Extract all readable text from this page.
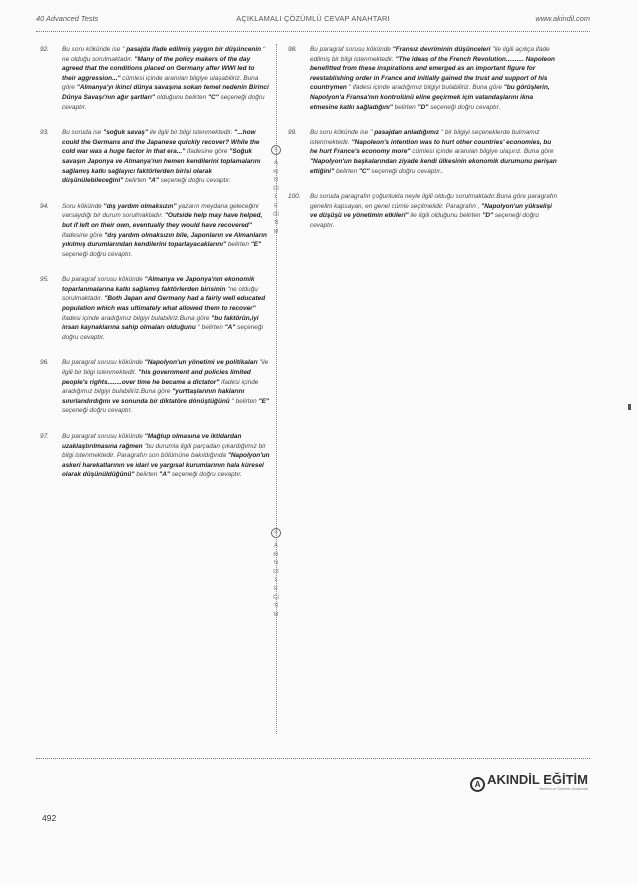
40 Advanced Tests	AÇIKLAMALI ÇÖZÜMLÜ CEVAP ANAHTARI	www.akindil.com
92. Bu soru kökünde ise " pasajda ifade edilmiş yaygın bir düşüncenin " ne olduğu sorulmaktadır. "Many of the policy makers of the day agreed that the conditions placed on Germany after WWI led to their aggression..." cümlesi içinde aranılan bilgiye ulaşabiliriz. Buna göre "Almanya'yı ikinci dünya savaşına sokan temel nedenin Birinci Dünya Savaşı'nın ağır şartları" olduğunu belirten "C" seçeneği doğru cevaptır.
93. Bu soruda ise "soğuk savaş" ile ilgili bir bilgi istenmektedir. "...how could the Germans and the Japanese quickly recover? While the cold war was a huge factor in that era..." ifadesine göre "Soğuk savaşın Japonya ve Almanya'nın hemen kendilerini toplamalarını sağlamış katkı sağlayıcı faktörlerden birisi olarak düşünülebileceğini" belirten "A" seçeneği doğru cevaptır.
94. Soru kökünde "dış yardım olmaksızın" yazarın meydana geleceğini varsaydığı bir durum sorulmaktadır. "Outside help may have helped, but if left on their own, eventually they would have recovered" ifadesine göre "dış yardım olmaksızın bile, Japonların ve Almanların yıkılmış durumlarından kendilerini toparlayacaklarını" belirten "E" seçeneği doğru cevaptır.
95. Bu paragraf sorusu kökünde "Almanya ve Japonya'nın ekonomik toparlanmalarına katkı sağlamış faktörlerden birisinin "ne olduğu sorulmaktadır. "Both Japan and Germany had a fairly well educated population which was ultimately what allowed them to recover" ifadesi içinde aradığımız bilgiyi bulabiliriz.Buna göre "bu faktörün,iyi insan kaynaklarına sahip olmaları olduğunu " belirten "A" seçeneği doğru cevaptır.
96. Bu paragraf sorusu kökünde "Napolyon'un yönetimi ve politikaları "ile ilgili bir bilgi istenmektedir. "his government and policies limited people's rights........over time he became a dictator" ifadesi içinde aradığımız bilgiyi bulabiliriz.Buna göre "yurttaşlarının haklarını sınırlandırdığını ve sonunda bir diktatöre dönüştüğünü " belirten "E" seçeneği doğru cevaptır.
97. Bu paragraf sorusu kökünde "Mağlup olmasına ve iktidardan uzaklaştırılmasına rağmen "bu durumla ilgili parçadan çıkardığımız bir bilgi istenmektedir. Paragrafın son bölümüne bakıldığında "Napolyon'un askeri harekatlarının ve idari ve yargısal kurumlarının hala küresel olarak düşünüldüğünü" belirten "A" seçeneği doğru cevaptır.
98. Bu paragraf sorusu kökünde "Fransız devriminin düşünceleri "ile ilgili açıkça ifade edilmiş bir bilgi istenmektedir. "The ideas of the French Revolution.......... Napoleon benefitted from these inspirations and emerged as an important figure for reestablishing order in France and initially gained the trust and support of his countrymen " ifadesi içinde aradığımız bilgiyi bulabiliriz. Buna göre "bu görüşlerin, Napolyon'a Fransa'nın kontrolünü eline geçirmek için vatandaşlarını ikna etmesine katkı sağladığını" belirten "D" seçeneği doğru cevaptır.
99. Bu soru kökünde ise " pasajdan anladığımız " bir bilgiyi seçeneklerde bulmamız istenmektedir. "Napoleon's intention was to hurt other countries' economies, bu he hurt France's economy more" cümlesi içinde aranılan bilgiye ulaşırız. Buna göre "Napolyon'un başkalarından ziyade kendi ülkesinin ekonomik durumunu perişan ettiğini" belirten "C" seçeneği doğru cevaptır..
100. Bu soruda paragrafın çoğunlukla neyle ilgili olduğu sorulmaktadır.Buna göre paragrafın genelini kapsayan, en genel cümle seçilmelidir. Paragrafın , "Napolyon'un yükselişi ve düşüşü ve yönetimin etkileri" ile ilgili olduğunu belirten "D" seçeneği doğru cevaptır.
©
AKIN DİL EĞİTİM
©
AKIN DİL EĞİTİM
A AKINDİL EĞİTİM
Merkezi ve Sevenler Akademisi
492
